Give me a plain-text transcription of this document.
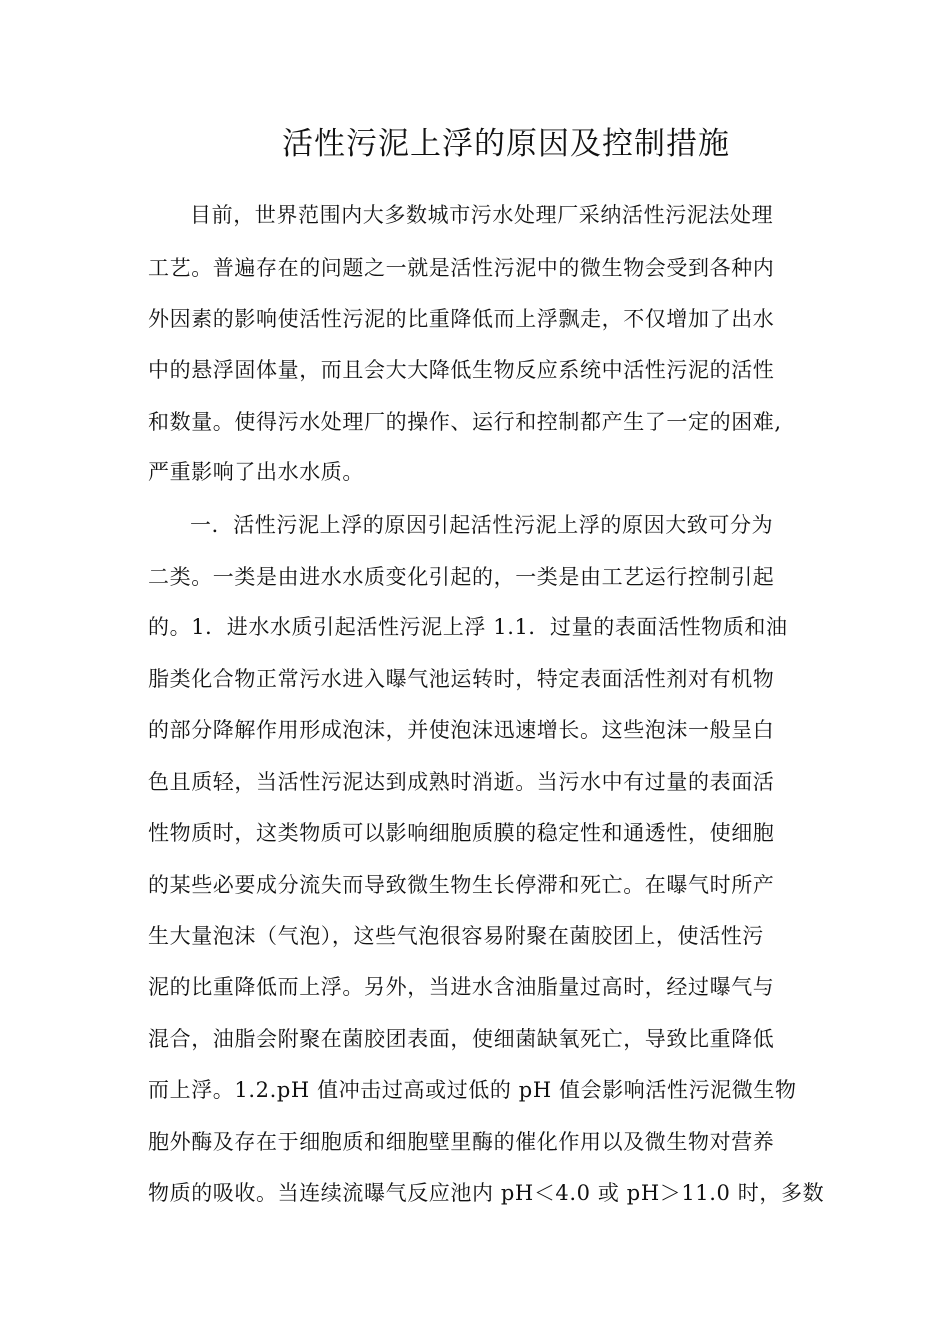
活性污泥上浮的原因及控制措施

目前，世界范围内大多数城市污水处理厂采纳活性污泥法处理

工艺。普遍存在的问题之一就是活性污泥中的微生物会受到各种内

外因素的影响使活性污泥的比重降低而上浮飘走，不仅增加了出水

中的悬浮固体量，而且会大大降低生物反应系统中活性污泥的活性

和数量。使得污水处理厂的操作、运行和控制都产生了一定的困难,

严重影响了出水水质。

一．活性污泥上浮的原因引起活性污泥上浮的原因大致可分为

二类。一类是由进水水质变化引起的，一类是由工艺运行控制引起

的。1．进水水质引起活性污泥上浮 1.1．过量的表面活性物质和油

脂类化合物正常污水进入曝气池运转时，特定表面活性剂对有机物

的部分降解作用形成泡沫，并使泡沫迅速增长。这些泡沫一般呈白

色且质轻，当活性污泥达到成熟时消逝。当污水中有过量的表面活

性物质时，这类物质可以影响细胞质膜的稳定性和通透性，使细胞

的某些必要成分流失而导致微生物生长停滞和死亡。在曝气时所产

生大量泡沫（气泡），这些气泡很容易附聚在菌胶团上，使活性污

泥的比重降低而上浮。另外，当进水含油脂量过高时，经过曝气与

混合，油脂会附聚在菌胶团表面，使细菌缺氧死亡，导致比重降低

而上浮。1.2.pH 值冲击过高或过低的 pH 值会影响活性污泥微生物

胞外酶及存在于细胞质和细胞壁里酶的催化作用以及微生物对营养

物质的吸收。当连续流曝气反应池内 pH＜4.0 或 pH＞11.0 时，多数
